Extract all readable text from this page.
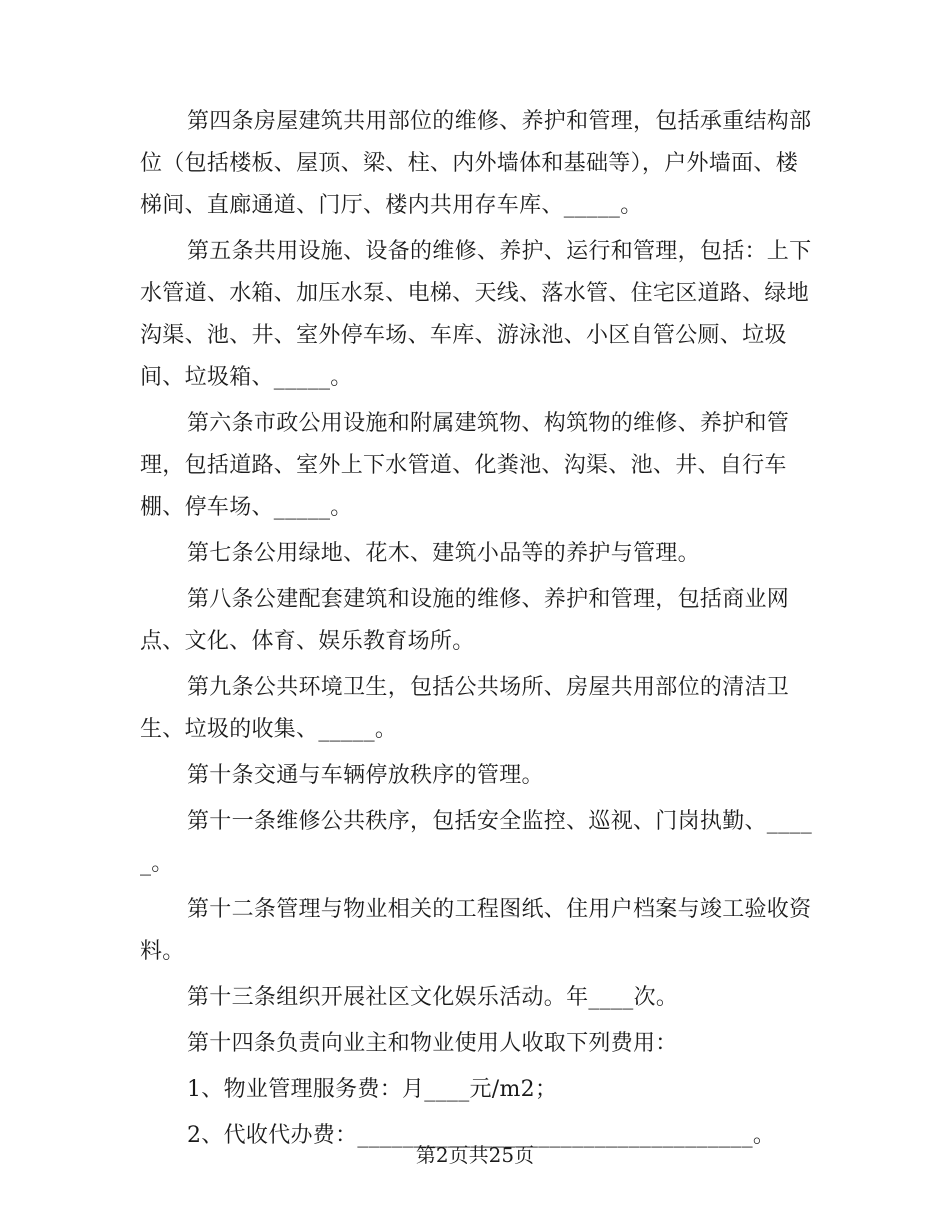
第四条房屋建筑共用部位的维修、养护和管理，包括承重结构部位（包括楼板、屋顶、梁、柱、内外墙体和基础等），户外墙面、楼梯间、直廊通道、门厅、楼内共用存车库、_____。

第五条共用设施、设备的维修、养护、运行和管理，包括：上下水管道、水箱、加压水泵、电梯、天线、落水管、住宅区道路、绿地沟渠、池、井、室外停车场、车库、游泳池、小区自管公厕、垃圾间、垃圾箱、_____。

第六条市政公用设施和附属建筑物、构筑物的维修、养护和管理，包括道路、室外上下水管道、化粪池、沟渠、池、井、自行车棚、停车场、_____。

第七条公用绿地、花木、建筑小品等的养护与管理。

第八条公建配套建筑和设施的维修、养护和管理，包括商业网点、文化、体育、娱乐教育场所。

第九条公共环境卫生，包括公共场所、房屋共用部位的清洁卫生、垃圾的收集、_____。

第十条交通与车辆停放秩序的管理。

第十一条维修公共秩序，包括安全监控、巡视、门岗执勤、_____。

第十二条管理与物业相关的工程图纸、住用户档案与竣工验收资料。

第十三条组织开展社区文化娱乐活动。年____次。

第十四条负责向业主和物业使用人收取下列费用：

1、物业管理服务费：月____元/m2；

2、代收代办费：___________________________________。

第2页共25页
